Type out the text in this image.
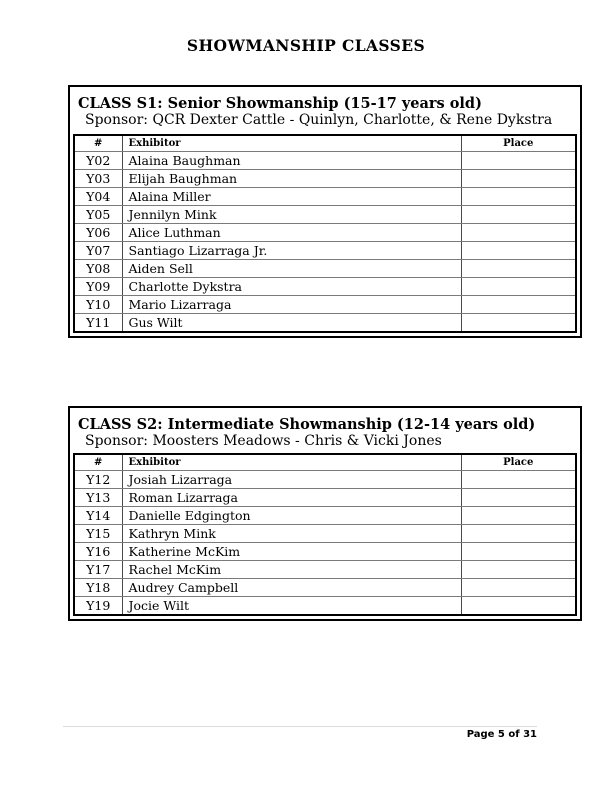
SHOWMANSHIP CLASSES
CLASS S1: Senior Showmanship (15-17 years old)
Sponsor: QCR Dexter Cattle - Quinlyn, Charlotte, & Rene Dykstra
#	Exhibitor	Place
Y02	Alaina Baughman	
Y03	Elijah Baughman	
Y04	Alaina Miller	
Y05	Jennilyn Mink	
Y06	Alice Luthman	
Y07	Santiago Lizarraga Jr.	
Y08	Aiden Sell	
Y09	Charlotte Dykstra	
Y10	Mario Lizarraga	
Y11	Gus Wilt	
CLASS S2: Intermediate Showmanship (12-14 years old)
Sponsor: Moosters Meadows - Chris & Vicki Jones
#	Exhibitor	Place
Y12	Josiah Lizarraga	
Y13	Roman Lizarraga	
Y14	Danielle Edgington	
Y15	Kathryn Mink	
Y16	Katherine McKim	
Y17	Rachel McKim	
Y18	Audrey Campbell	
Y19	Jocie Wilt	
Page 5 of 31
